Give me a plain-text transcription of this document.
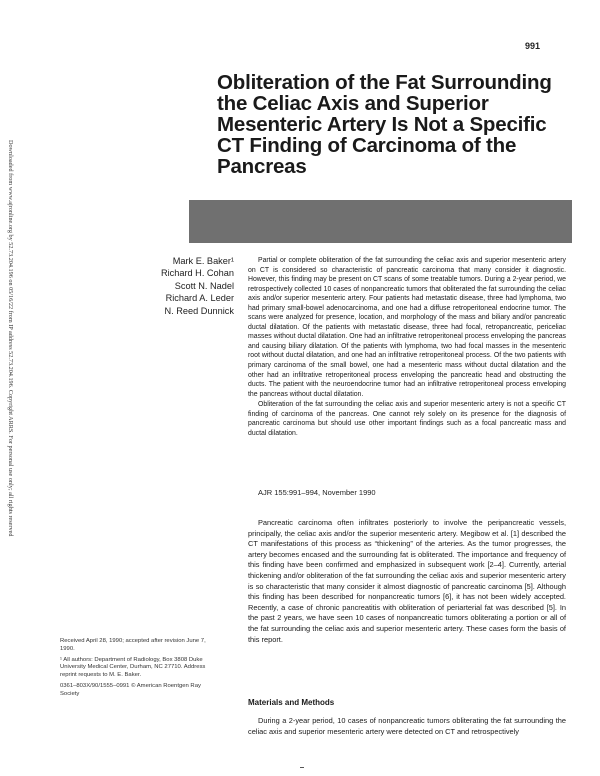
Downloaded from www.ajronline.org by 52.73.204.196 on 05/16/22 from IP address 52.73.204.196. Copyright ARRS. For personal use only; all rights reserved
991
Obliteration of the Fat Surrounding the Celiac Axis and Superior Mesenteric Artery Is Not a Specific CT Finding of Carcinoma of the Pancreas
Mark E. Baker¹
Richard H. Cohan
Scott N. Nadel
Richard A. Leder
N. Reed Dunnick

Partial or complete obliteration of the fat surrounding the celiac axis and superior mesenteric artery on CT is considered so characteristic of pancreatic carcinoma that many consider it diagnostic. However, this finding may be present on CT scans of some treatable tumors. During a 2-year period, we retrospectively collected 10 cases of nonpancreatic tumors that obliterated the fat surrounding the celiac axis and/or superior mesenteric artery. Four patients had metastatic disease, three had lymphoma, two had primary small-bowel adenocarcinoma, and one had a diffuse retroperitoneal endocrine tumor. The scans were analyzed for presence, location, and morphology of the mass and biliary and/or pancreatic ductal dilatation. Of the patients with metastatic disease, three had focal, retropancreatic, periceliac masses without ductal dilatation. One had an infiltrative retroperitoneal process enveloping the pancreas and causing biliary dilatation. Of the patients with lymphoma, two had focal masses in the mesenteric root without ductal dilatation, and one had an infiltrative retroperitoneal process. Of the two patients with primary carcinoma of the small bowel, one had a mesenteric mass without ductal dilatation and the other had an infiltrative retroperitoneal process enveloping the pancreatic head and obstructing the ducts. The patient with the neuroendocrine tumor had an infiltrative retroperitoneal process enveloping the pancreas without ductal dilatation.

Obliteration of the fat surrounding the celiac axis and superior mesenteric artery is not a specific CT finding of carcinoma of the pancreas. One cannot rely solely on its presence for the diagnosis of pancreatic carcinoma but should use other important findings such as a focal pancreatic mass and ductal dilatation.

AJR 155:991–994, November 1990

Pancreatic carcinoma often infiltrates posteriorly to involve the peripancreatic vessels, principally, the celiac axis and/or the superior mesenteric artery. Megibow et al. [1] described the CT manifestations of this process as “thickening” of the arteries. As the tumor progresses, the artery becomes encased and the surrounding fat is obliterated. The importance and frequency of this finding have been confirmed and emphasized in subsequent work [2–4]. Currently, arterial thickening and/or obliteration of the fat surrounding the celiac axis and superior mesenteric artery is so characteristic that many consider it almost diagnostic of pancreatic carcinoma [5]. Although this finding has been described for nonpancreatic tumors [6], it has not been widely accepted. Recently, a case of chronic pancreatitis with obliteration of periarterial fat was described [5]. In the past 2 years, we have seen 10 cases of nonpancreatic tumors obliterating a portion or all of the fat surrounding the celiac axis and superior mesenteric artery. These cases form the basis of this report.

Received April 28, 1990; accepted after revision June 7, 1990.

¹ All authors: Department of Radiology, Box 3808 Duke University Medical Center, Durham, NC 27710. Address reprint requests to M. E. Baker.

0361–803X/90/1555–0991 © American Roentgen Ray Society

Materials and Methods

During a 2-year period, 10 cases of nonpancreatic tumors obliterating the fat surrounding the celiac axis and superior mesenteric artery were detected on CT and retrospectively
